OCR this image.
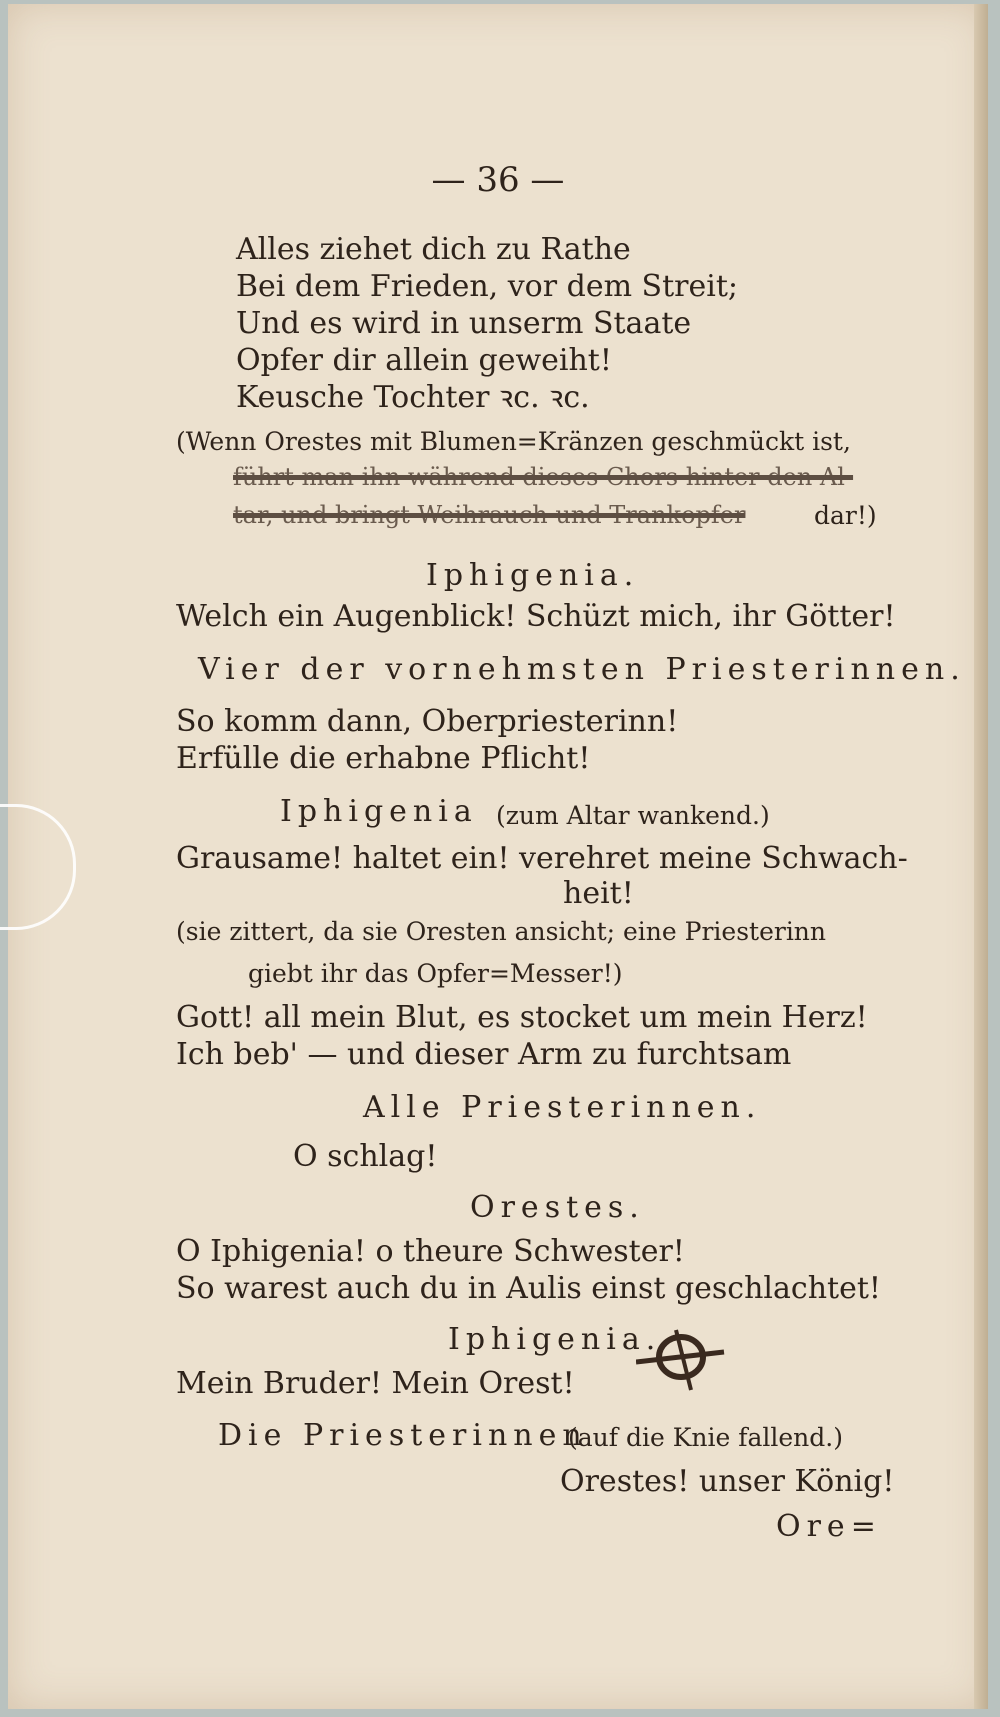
— 36 —
Alles ziehet dich zu Rathe
Bei dem Frieden, vor dem Streit;
Und es wird in unserm Staate
Opfer dir allein geweiht!
Keusche Tochter ꝛc. ꝛc.
(Wenn Orestes mit Blumen=Kränzen geschmückt ist,
führt man ihn während dieses Chors hinter den Al-
tar, und bringt Weihrauch und Trankopfer	dar!)
Iphigenia.
Welch ein Augenblick! Schüzt mich, ihr Götter!
Vier der vornehmsten Priesterinnen.
So komm dann, Oberpriesterinn!
Erfülle die erhabne Pflicht!
Iphigenia (zum Altar wankend.)
Grausame! haltet ein! verehret meine Schwach-
heit!
(sie zittert, da sie Oresten ansicht; eine Priesterinn
giebt ihr das Opfer=Messer!)
Gott! all mein Blut, es stocket um mein Herz!
Ich beb' — und dieser Arm zu furchtsam
Alle Priesterinnen.
O schlag!
Orestes.
O Iphigenia! o theure Schwester!
So warest auch du in Aulis einst geschlachtet!
Iphigenia.
Mein Bruder! Mein Orest!
Die Priesterinnen
(auf die Knie fallend.)
Orestes! unser König!
Ore=
